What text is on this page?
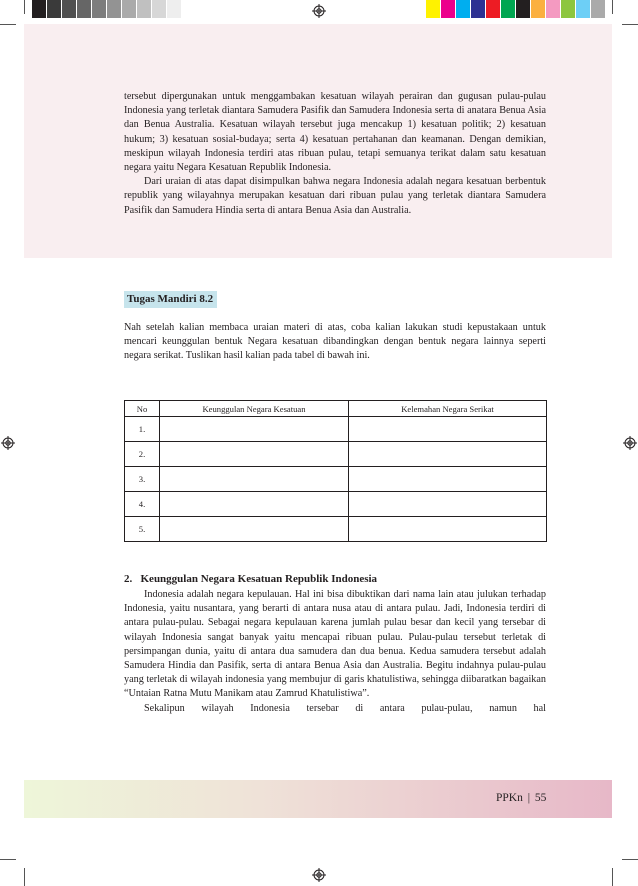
tersebut dipergunakan untuk menggambakan kesatuan wilayah perairan dan gugusan pulau-pulau Indonesia yang terletak diantara Samudera Pasifik dan Samudera Indonesia serta di anatara Benua Asia dan Benua Australia. Kesatuan wilayah tersebut juga mencakup 1) kesatuan politik; 2) kesatuan hukum; 3) kesatuan sosial-budaya; serta 4) kesatuan pertahanan dan keamanan. Dengan demikian, meskipun wilayah Indonesia terdiri atas ribuan pulau, tetapi semuanya terikat dalam satu kesatuan negara yaitu Negara Kesatuan Republik Indonesia.

Dari uraian di atas dapat disimpulkan bahwa negara Indonesia adalah negara kesatuan berbentuk republik yang wilayahnya merupakan kesatuan dari ribuan pulau yang terletak diantara Samudera Pasifik dan Samudera Hindia serta di antara Benua Asia dan Australia.

Tugas Mandiri 8.2

Nah setelah kalian membaca uraian materi di atas, coba kalian lakukan studi kepustakaan untuk mencari keunggulan bentuk Negara kesatuan dibandingkan dengan bentuk negara lainnya seperti negara serikat. Tuslikan hasil kalian pada tabel di bawah ini.

No	Keunggulan Negara Kesatuan	Kelemahan Negara Serikat
1.		
2.		
3.		
4.		
5.		
2. Keunggulan Negara Kesatuan Republik Indonesia

Indonesia adalah negara kepulauan. Hal ini bisa dibuktikan dari nama lain atau julukan terhadap Indonesia, yaitu nusantara, yang berarti di antara nusa atau di antara pulau. Jadi, Indonesia terdiri di antara pulau-pulau. Sebagai negara kepulauan karena jumlah pulau besar dan kecil yang tersebar di wilayah Indonesia sangat banyak yaitu mencapai ribuan pulau. Pulau-pulau tersebut terletak di persimpangan dunia, yaitu di antara dua samudera dan dua benua. Kedua samudera tersebut adalah Samudera Hindia dan Pasifik, serta di antara Benua Asia dan Australia. Begitu indahnya pulau-pulau yang terletak di wilayah indonesia yang membujur di garis khatulistiwa, sehingga diibaratkan bagaikan “Untaian Ratna Mutu Manikam atau Zamrud Khatulistiwa”.

Sekalipun wilayah Indonesia tersebar di antara pulau-pulau, namun hal

PPKn | 55
